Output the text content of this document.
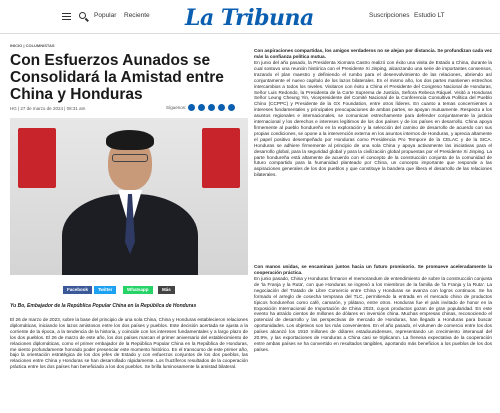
Popular Reciente La Tribuna	Suscripciones Estudio LT
INICIO | COLUMNISTAS
Con Esfuerzos Aunados se Consolidará la Amistad entre China y Honduras
HG | 27 de marzo de 2024 | 08:31 am	Síguenos:
Facebook	Twitter	Whatsapp	Más
Yu Bo, Embajador de la República Popular China en la República de Honduras
El 26 de marzo de 2023, sobre la base del principio de una sola China, China y Honduras establecieron relaciones diplomáticas, iniciando los lazos amistosos entre los dos países y pueblos. Este decisión acertada se ajusta a la corriente de la época, a la tendencia de la historia, y coincide con los intereses fundamentales y a largo plazo de los dos pueblos. El 26 de marzo de este año, los dos países marcan el primer aniversario del establecimiento de relaciones diplomáticas, como el primer embajador de la República Popular China en la República de Honduras, me siento profundamente honrado poder presenciar este momento histórico. En el transcurso de este primer año, bajo la orientación estratégica de los dos jefes de Estado y con esfuerzos conjuntos de los dos pueblos, las relaciones entre China y Honduras se han desarrollado rápidamente. Los fructíferos resultados de la cooperación práctica entre los dos países han beneficiado a los dos pueblos. Se brilla luminosamente la amistad bilateral.
Con aspiraciones compartidas, los amigos verdaderos no se alejan por distancia. Se profundizan cada vez más la confianza política mutua.
En junio del año pasado, la Presidenta Xiomara Castro realizó con éxito una visita de Estado a China, durante la cual sostuvo una reunión histórica con el Presidente Xi Jinping, alcanzando una serie de importantes consensos, trazando el plan maestro y definiendo el rumbo para el desenvolvimiento de las relaciones, abriendo así conjuntamente el nuevo capítulo de los lazos bilaterales. En el mismo año, los dos partes mantienen estrechos intercambios a todos los niveles. Visitaron con éxito a China el Presidente del Congreso Nacional de Honduras, Señor Luis Redondo, la Presidenta de la Corte Suprema de Justicia, Señora Rebeca Ráquel. Visitó a Honduras Señor Leung Cheung Yin, Vicepresidente del Comité Nacional de la Conferencia Consultiva Política del Pueblo Chino (CCPPC) y Presidente de la GX Foundation, entre otros líderes. En cuanto a temas concernientes a intereses fundamentales y principales preocupaciones de ambas partes, se apoyan mutuamente. Respecto a los asuntos regionales e internacionales, se comunican estrechamente para defender conjuntamente la justicia internacional y los derechos e intereses legítimos de los dos países y de los países en desarrollo. China apoya firmemente al pueblo hondureño en la exploración y la selección del camino de desarrollo de acuerdo con sus propias condiciones, se opone a la intervención externa en los asuntos internos de Honduras, y aprecia altamente el papel positivo desempeñado por Honduras como Presidencia Pro Tempore de la CELAC y de la SICA. Honduras se adhiere firmemente al principio de una sola China y apoya activamente las iniciativas para el desarrollo global, para la seguridad global y para la civilización global propuestas por el Presidente Xi Jinping. La parte hondureña está altamente de acuerdo con el concepto de la construcción conjunta de la comunidad de futuro compartido para la humanidad planteado por China, un concepto importante que responde a las aspiraciones generales de los dos pueblos y que constituye la bandera que libera el desarrollo de las relaciones bilaterales.
Con manos unidas, se encaminan juntos hacia un futuro promisorio. Se promueve aceleradamente la cooperación práctica.
En junio pasado, China y Honduras firmaron el memorandum de entendimiento de sobre la construcción conjunta de 'la Franja y la Ruta', con que Honduras se ingresó a los miembros de la familia de 'la Franja y la Ruta'. La negociación del Tratado de Libre Comercio entre China y Honduras se avanza con logros continuos. Se ha formado el arreglo de cosecha temprana del TLC, permitiendo la entrada en el mercado chino de productos típicos hondureños como café, camarón, y plátano, entre otros. Honduras fue el país invitado de honor en la Exposición Internacional de Importación de China 2023, cuyos productos gozan de gran popularidad. En este evento ha atraído cientos de millones de dólares en inversión china. Muchas empresas chinas, reconociendo el potencial de desarrollo y las perspectivas de mercado de Honduras, han llegado a Honduras para buscar oportunidades. Los objetivos son los más convenientes. En el año pasado, el volumen de comercio entre los dos países alcanzó los 1910 millones de dólares estadounidenses, representando un crecimiento interanual del 20.9%, y las exportaciones de Honduras a China casi se triplicaron. La frenesa expectativa de la cooperación entre ambas países se ha convertido en resultados tangibles, aportando más beneficios a los pueblos de los dos países.
